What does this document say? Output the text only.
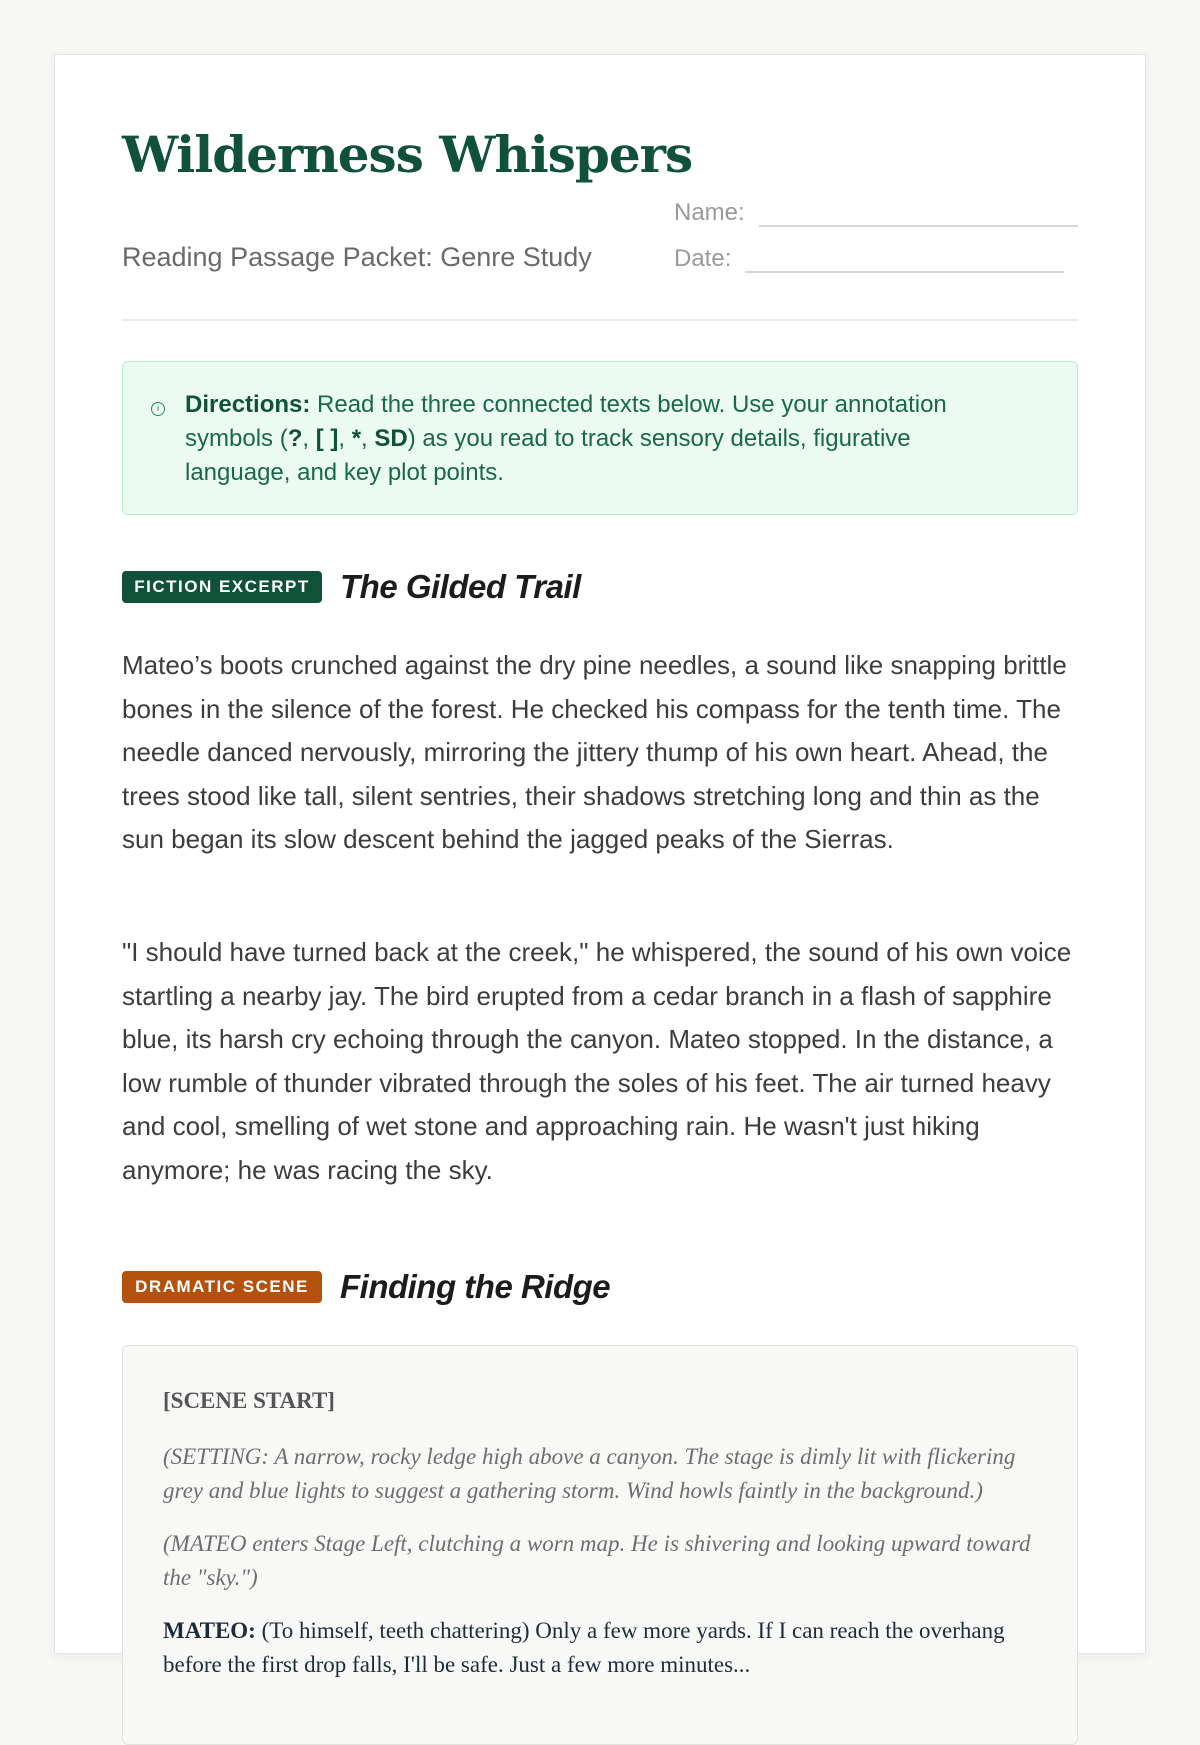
Wilderness Whispers

Reading Passage Packet: Genre Study

Name:
Date:
i Directions: Read the three connected texts below. Use your annotation symbols (?, [ ], *, SD) as you read to track sensory details, figurative language, and key plot points.

FICTION EXCERPT The Gilded Trail

Mateo’s boots crunched against the dry pine needles, a sound like snapping brittle bones in the silence of the forest. He checked his compass for the tenth time. The needle danced nervously, mirroring the jittery thump of his own heart. Ahead, the trees stood like tall, silent sentries, their shadows stretching long and thin as the sun began its slow descent behind the jagged peaks of the Sierras.

"I should have turned back at the creek," he whispered, the sound of his own voice startling a nearby jay. The bird erupted from a cedar branch in a flash of sapphire blue, its harsh cry echoing through the canyon. Mateo stopped. In the distance, a low rumble of thunder vibrated through the soles of his feet. The air turned heavy and cool, smelling of wet stone and approaching rain. He wasn't just hiking anymore; he was racing the sky.

DRAMATIC SCENE Finding the Ridge

[SCENE START]

(SETTING: A narrow, rocky ledge high above a canyon. The stage is dimly lit with flickering grey and blue lights to suggest a gathering storm. Wind howls faintly in the background.)

(MATEO enters Stage Left, clutching a worn map. He is shivering and looking upward toward the "sky.")

MATEO: (To himself, teeth chattering) Only a few more yards. If I can reach the overhang before the first drop falls, I'll be safe. Just a few more minutes...
